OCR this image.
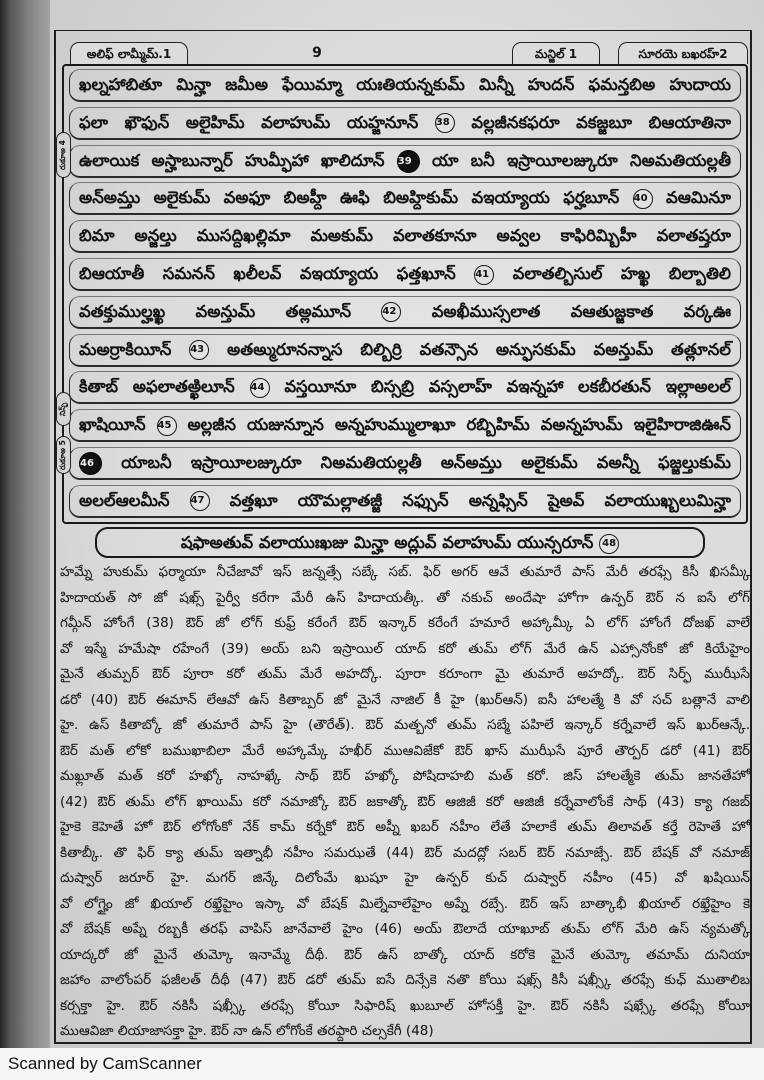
అలిఫ్ లామ్మీమ్.1	9	మన్జిల్ 1	సూరయె బఖరహ్2
ఖల్నహాబితూ మిన్హా జమీఅ ఫేయిమ్మా యఃతియన్నకుమ్ మిన్నీ హుదన్ ఫమన్తబిఅ హుదాయ
ఫలా ఖౌఫున్ అలైహిమ్ వలాహుమ్ యహ్జనూన్ 38 వల్లజీనకఫరూ వకజ్జబూ బిఆయాతినా
ఉలాయిక అస్హాబున్నార్ హుమ్ఫీహా ఖాలిదూన్ 39 యా బనీ ఇస్రాయీలజ్కురూ నిఅమతియల్లతీ
అన్అమ్తు అలైకుమ్ వఅఫూ బిఅహ్దీ ఊఫి బిఅహ్దికుమ్ వఇయ్యాయ ఫర్హబూన్ 40 వఆమినూ
బిమా అన్జల్తు ముసద్దిఖల్లిమా మఅకుమ్ వలాతకూనూ అవ్వల కాఫిరిమ్బిహీ వలాతష్తరూ
బిఆయాతీ సమనన్ ఖలీలవ్ వఇయ్యాయ ఫత్తఖూన్ 41 వలాతల్బిసుల్ హఖ్ఖ బిల్బాతిలి
వతక్తుముల్హఖ్ఖ వఅన్తుమ్ తఅ్లమూన్	42 వఅఖీముస్సలాత వఆతుజ్జకాత వర్కఊ
మఅర్రాకియీన్ 43 అతఅ్మురూనన్నాస బిల్బిర్రి వతన్సౌన అన్ఫుసకుమ్ వఅన్తుమ్ తత్లూనల్
కితాబ్ అఫలాతఅ్ఖిలూన్ 44 వస్తయీనూ బిస్సబ్రి వస్సలాహ్ వఇన్నహా లకబీరతున్ ఇల్లాఅలల్
ఖాషియీన్ 45 అల్లజీన యజున్నూన అన్నహుమ్ములాఖూ రబ్బిహిమ్ వఅన్నహుమ్ ఇలైహిరాజిఊన్
46 యాబనీ ఇస్రాయీలజ్కురూ నిఅమతియల్లతీ అన్అమ్తు అలైకుమ్ వఅన్నీ ఫజ్జల్తుకుమ్
అలల్ఆలమీన్ 47 వత్తఖూ యౌమల్లాతజ్జీ నఫ్సున్ అన్నఫ్సిన్ షైఅవ్ వలాయుఖ్బలుమిన్హా
షఫాఅతువ్ వలాయుఃఖజు మిన్హా అద్లువ్ వలాహుమ్ యున్సరూన్ 48
రుకూఅ 4
నిస్ఫ్
రుకూఅ 5
హమ్నే హుకుమ్ ఫర్మాయా నీచేజావో ఇస్ జన్నత్సే సబ్కే సబ్. ఫిర్ అగర్ ఆవే తుమారే పాస్ మేరీ తరఫ్సే కిసీ ఖిసమ్కీ
హిదాయత్ సో జో షఖ్స్ పైర్వీ కరేగా మేరీ ఉస్ హిదాయత్కీ. తో నకుచ్ అందేషా హోగా ఉన్పర్ ఔర్ న ఐసే లోగ్
గమ్గీన్ హోంగే (38) ఔర్ జో లోగ్ కుఫ్ర్ కరేంగే ఔర్ ఇన్కార్ కరేంగే హమారే అహ్కామ్కీ ఏ లోగ్ హోంగే దోజఖ్ వాలే
వో ఇస్మే హమేషా రహేంగే (39) అయ్ బని ఇస్రాయిల్ యాద్ కరో తుమ్ లోగ్ మేరే ఉన్ ఎహ్సానోంకో జో కియేహైం
మైనే తుమ్పర్ ఔర్ పూరా కరో తుమ్ మేరే అహద్కో. పూరా కరూంగా మై తుమారే అహద్కో. ఔర్ సిర్ఫ్ ముఝీసే
డరో (40) ఔర్ ఈమాన్ లేఆవో ఉస్ కితాబ్పర్ జో మైనే నాజిల్ కీ హై (ఖుర్ఆన్) ఐసీ హాలత్మే కి వో సచ్ బత్లానే వాలి
హై. ఉస్ కితాబ్కో జో తుమారే పాస్ హై (తౌరేత్). ఔర్ మత్బనో తుమ్ సబ్మే పహిలే ఇన్కార్ కర్నేవాలే ఇస్ ఖుర్ఆన్కే.
ఔర్ మత్ లోకో బముఖాబిలా మేరే అహ్కామ్కే హఖీర్ ముఆవిజేకో ఔర్ ఖాస్ ముఝీసే పూరే తౌర్పర్ డరో (41) ఔర్
మఖ్లూత్ మత్ కరో హఖ్కో నాహఖ్కే సాథ్ ఔర్ హఖ్కో పోషిదాహబి మత్ కరో. జిస్ హాలత్మేకె తుమ్ జానతేహో
(42) ఔర్ తుమ్ లోగ్ ఖాయిమ్ కరో నమాజ్కో ఔర్ జకాత్కో ఔర్ ఆజిజీ కరో ఆజిజీ కర్నేవాలోంకే సాథ్ (43) క్యా గజబ్
హైకె కెహెతే హో ఔర్ లోగోంకో నేక్ కామ్ కర్నేకో ఔర్ అప్నీ ఖబర్ నహీం లేతే హలాకే తుమ్ తిలావత్ కర్తే రెహెతే హో
కితాబ్కీ. తొ ఫిర్ క్యా తుమ్ ఇత్నాభీ నహీం సమఝతే (44) ఔర్ మదద్లో సబర్ ఔర్ నమాజ్సే. ఔర్ బేషక్ వో నమాజ్
దుష్వార్ జరూర్ హై. మగర్ జిన్కే దిలోంమే ఖుషూ హై ఉన్పర్ కుచ్ దుష్వార్ నహీం (45) వో ఖషియిన్
వో లోగ్హైం జో ఖియాల్ రఖ్తేహైం ఇస్కా వో బేషక్ మిల్నేవాలేహైం అప్నే రబ్సే. ఔర్ ఇస్ బాత్కాభీ ఖియాల్ రఖ్తేహైం కె
వో బేషక్ అప్నే రబ్బకీ తరఫ్ వాపిస్ జానేవాలే హైం (46) అయ్ ఔలాదే యాఖూబ్ తుమ్ లోగ్ మేరి ఉస్ న్యమత్కో
యాద్కరో జో మైనే తుమ్కో ఇనామ్మే దీథీ. ఔర్ ఉస్ బాత్కో యాద్ కరోకె మైనే తుమ్కో తమామ్ దునియా
జహాం వాలోంపర్ ఫజీలత్ దీథీ (47) ఔర్ డరో తుమ్ ఐసే దిన్సేకె నతొ కోయి షఖ్స్ కిసీ షఖ్స్కీ తరఫ్సే కుఛ్ ముతాలిబ
కర్సక్తా హై. ఔర్ నకిసీ షఖ్స్కీ తరఫ్సే కోయీ సిఫారిష్ ఖుబూల్ హోసక్తీ హై. ఔర్ నకిసీ షఖ్స్కే తరఫ్సే కోయీ
ముఆవిజా లియాజాసక్తా హై. ఔర్ నా ఉన్ లోగోంకే తరఫ్దారి చల్సకేగీ (48)
Scanned by CamScanner
